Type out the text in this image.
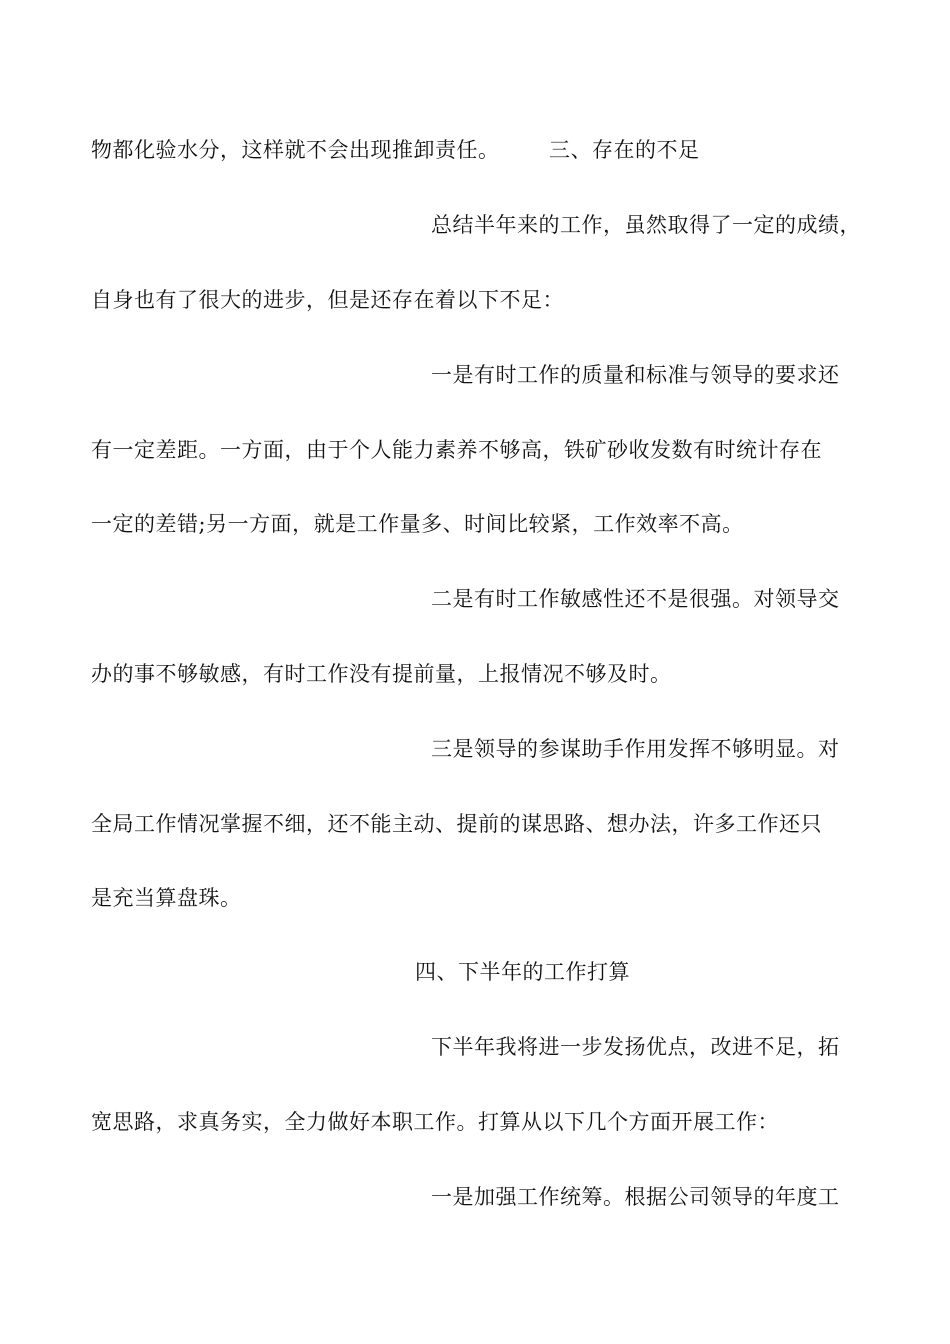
物都化验水分，这样就不会出现推卸责任。 三、存在的不足
总结半年来的工作，虽然取得了一定的成绩，
自身也有了很大的进步，但是还存在着以下不足：
一是有时工作的质量和标准与领导的要求还
有一定差距。一方面，由于个人能力素养不够高，铁矿砂收发数有时统计存在
一定的差错;另一方面，就是工作量多、时间比较紧，工作效率不高。
二是有时工作敏感性还不是很强。对领导交
办的事不够敏感，有时工作没有提前量，上报情况不够及时。
三是领导的参谋助手作用发挥不够明显。对
全局工作情况掌握不细，还不能主动、提前的谋思路、想办法，许多工作还只
是充当算盘珠。
四、下半年的工作打算
下半年我将进一步发扬优点，改进不足，拓
宽思路，求真务实，全力做好本职工作。打算从以下几个方面开展工作：
一是加强工作统筹。根据公司领导的年度工
